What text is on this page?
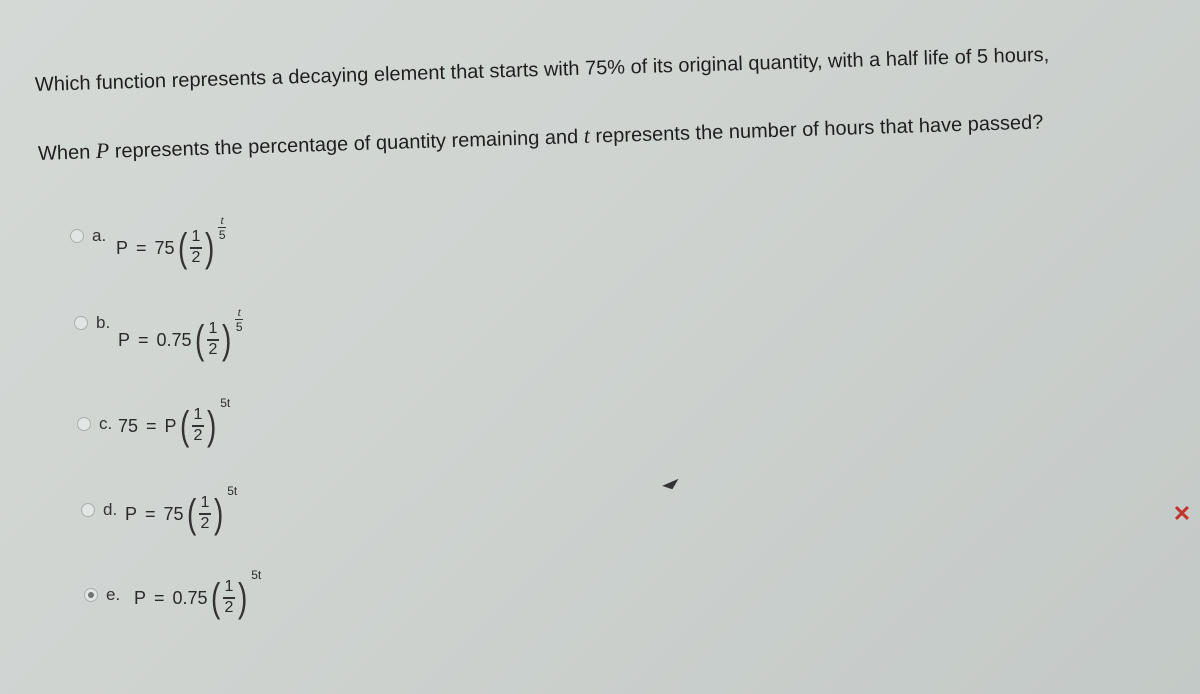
Which function represents a decaying element that starts with 75% of its original quantity, with a half life of 5 hours,
When P represents the percentage of quantity remaining and t represents the number of hours that have passed?
a.
P = 75 ( $\frac{1}{2}$ ) $\frac{t}{5}$
b.
P = 0.75 ( $\frac{1}{2}$ ) $\frac{t}{5}$
c. 75 = P ( $\frac{1}{2}$ )
5t
d. P = 75 ( $\frac{1}{2}$ )
5t
e. P = 0.75 ( $\frac{1}{2}$ )
5t
✕
